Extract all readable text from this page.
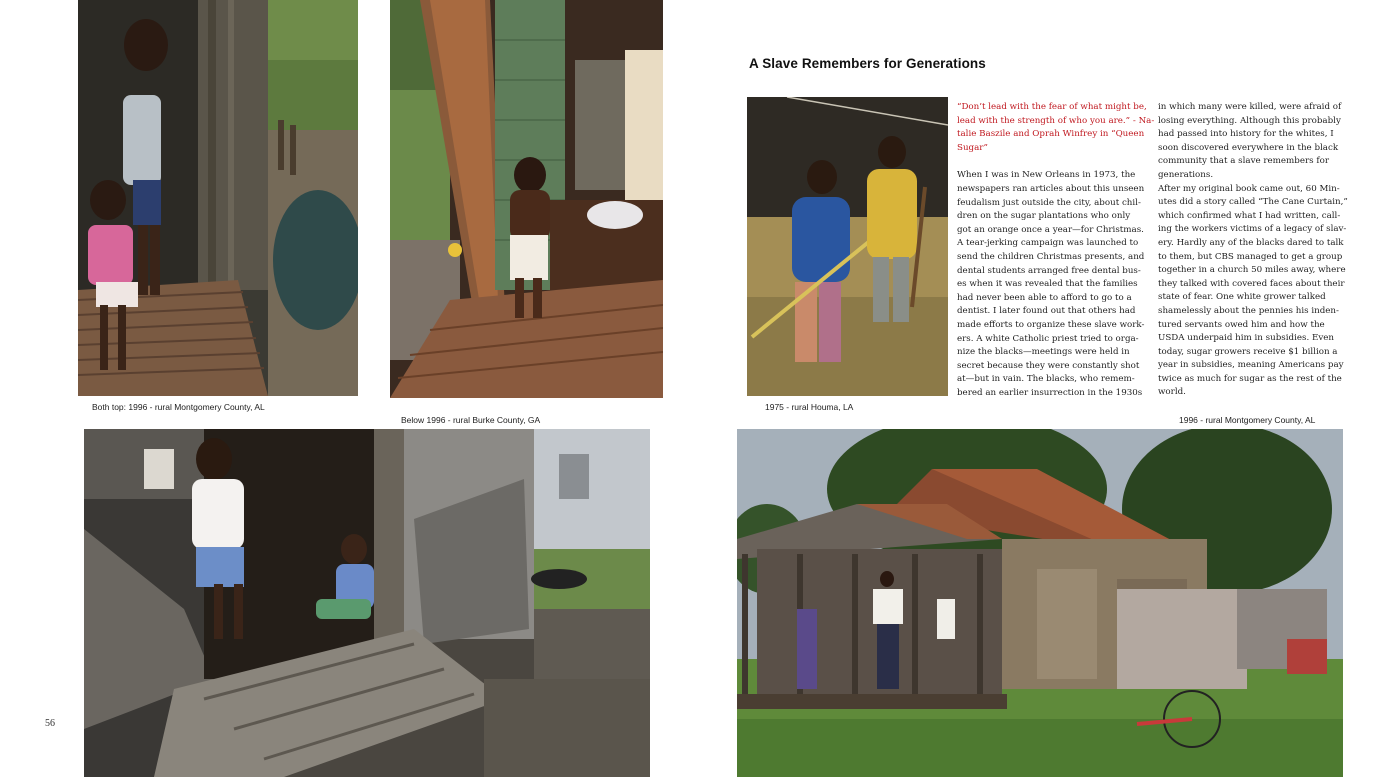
Both top: 1996 - rural Montgomery County, AL
Below 1996 - rural Burke County, GA
1975 - rural Houma, LA
1996 - rural Montgomery County, AL
A Slave Remembers for Generations

“Don’t lead with the fear of what might be,
lead with the strength of who you are.” - Na-
talie Baszile and Oprah Winfrey in “Queen
Sugar”

When I was in New Orleans in 1973, the
newspapers ran articles about this unseen
feudalism just outside the city, about chil-
dren on the sugar plantations who only
got an orange once a year—for Christmas.
A tear-jerking campaign was launched to
send the children Christmas presents, and
dental students arranged free dental bus-
es when it was revealed that the families
had never been able to afford to go to a
dentist. I later found out that others had
made efforts to organize these slave work-
ers. A white Catholic priest tried to orga-
nize the blacks—meetings were held in
secret because they were constantly shot
at—but in vain. The blacks, who remem-
bered an earlier insurrection in the 1930s

in which many were killed, were afraid of
losing everything. Although this probably
had passed into history for the whites, I
soon discovered everywhere in the black
community that a slave remembers for
generations.
After my original book came out, 60 Min-
utes did a story called “The Cane Curtain,”
which confirmed what I had written, call-
ing the workers victims of a legacy of slav-
ery. Hardly any of the blacks dared to talk
to them, but CBS managed to get a group
together in a church 50 miles away, where
they talked with covered faces about their
state of fear. One white grower talked
shamelessly about the pennies his inden-
tured servants owed him and how the
USDA underpaid him in subsidies. Even
today, sugar growers receive $1 billion a
year in subsidies, meaning Americans pay
twice as much for sugar as the rest of the
world.

56
